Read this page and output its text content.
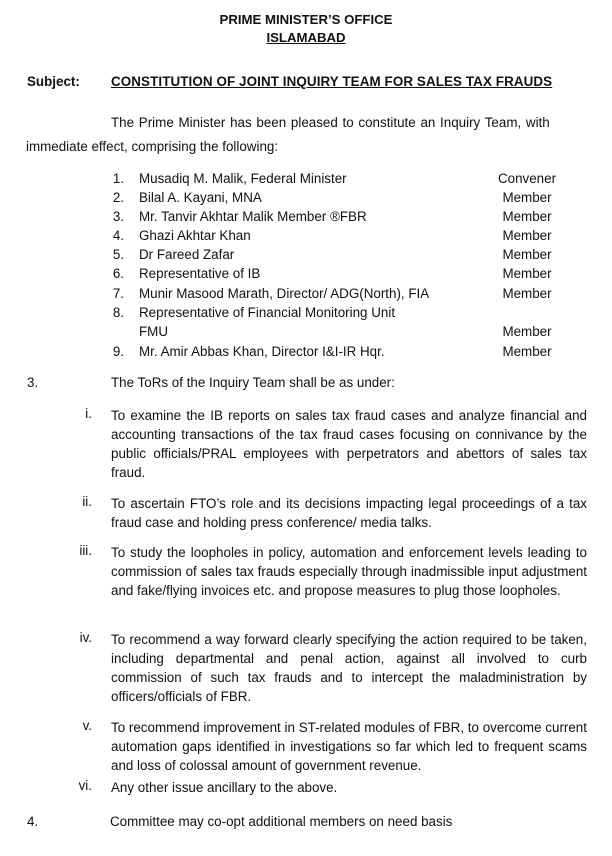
PRIME MINISTER’S OFFICE
ISLAMABAD
Subject: CONSTITUTION OF JOINT INQUIRY TEAM FOR SALES TAX FRAUDS
The Prime Minister has been pleased to constitute an Inquiry Team, with
immediate effect, comprising the following:
1. Musadiq M. Malik, Federal Minister	Convener
2. Bilal A. Kayani, MNA	Member
3. Mr. Tanvir Akhtar Malik Member ®FBR	Member
4. Ghazi Akhtar Khan	Member
5. Dr Fareed Zafar	Member
6. Representative of IB	Member
7. Munir Masood Marath, Director/ ADG(North), FIA	Member
8. Representative of Financial Monitoring Unit
FMU	Member
9. Mr. Amir Abbas Khan, Director I&I-IR Hqr.	Member
3.	The ToRs of the Inquiry Team shall be as under:
i. To examine the IB reports on sales tax fraud cases and analyze financial and accounting transactions of the tax fraud cases focusing on connivance by the public officials/PRAL employees with perpetrators and abettors of sales tax fraud.
ii. To ascertain FTO’s role and its decisions impacting legal proceedings of a tax fraud case and holding press conference/ media talks.
iii. To study the loopholes in policy, automation and enforcement levels leading to commission of sales tax frauds especially through inadmissible input adjustment and fake/flying invoices etc. and propose measures to plug those loopholes.
iv. To recommend a way forward clearly specifying the action required to be taken, including departmental and penal action, against all involved to curb commission of such tax frauds and to intercept the maladministration by officers/officials of FBR.
v. To recommend improvement in ST-related modules of FBR, to overcome current automation gaps identified in investigations so far which led to frequent scams and loss of colossal amount of government revenue.
vi. Any other issue ancillary to the above.
4.	Committee may co-opt additional members on need basis
